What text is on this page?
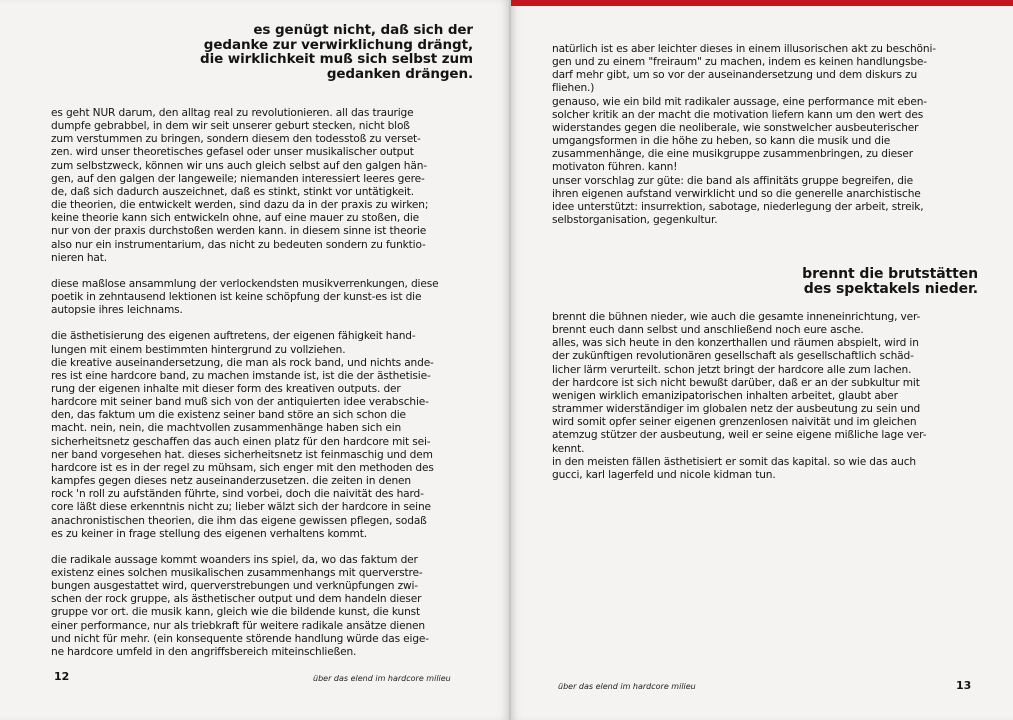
es genügt nicht, daß sich der
gedanke zur verwirklichung drängt,
die wirklichkeit muß sich selbst zum
gedanken drängen.
es geht NUR darum, den alltag real zu revolutionieren. all das traurige
dumpfe gebrabbel, in dem wir seit unserer geburt stecken, nicht bloß
zum verstummen zu bringen, sondern diesem den todesstoß zu verset-
zen. wird unser theoretisches gefasel oder unser musikalischer output
zum selbstzweck, können wir uns auch gleich selbst auf den galgen hän-
gen, auf den galgen der langeweile; niemanden interessiert leeres gere-
de, daß sich dadurch auszeichnet, daß es stinkt, stinkt vor untätigkeit.
die theorien, die entwickelt werden, sind dazu da in der praxis zu wirken;
keine theorie kann sich entwickeln ohne, auf eine mauer zu stoßen, die
nur von der praxis durchstoßen werden kann. in diesem sinne ist theorie
also nur ein instrumentarium, das nicht zu bedeuten sondern zu funktio-
nieren hat.
diese maßlose ansammlung der verlockendsten musikverrenkungen, diese
poetik in zehntausend lektionen ist keine schöpfung der kunst-es ist die
autopsie ihres leichnams.
die ästhetisierung des eigenen auftretens, der eigenen fähigkeit hand-
lungen mit einem bestimmten hintergrund zu vollziehen.
die kreative auseinandersetzung, die man als rock band, und nichts ande-
res ist eine hardcore band, zu machen imstande ist, ist die der ästhetisie-
rung der eigenen inhalte mit dieser form des kreativen outputs. der
hardcore mit seiner band muß sich von der antiquierten idee verabschie-
den, das faktum um die existenz seiner band störe an sich schon die
macht. nein, nein, die machtvollen zusammenhänge haben sich ein
sicherheitsnetz geschaffen das auch einen platz für den hardcore mit sei-
ner band vorgesehen hat. dieses sicherheitsnetz ist feinmaschig und dem
hardcore ist es in der regel zu mühsam, sich enger mit den methoden des
kampfes gegen dieses netz auseinanderzusetzen. die zeiten in denen
rock 'n roll zu aufständen führte, sind vorbei, doch die naivität des hard-
core läßt diese erkenntnis nicht zu; lieber wälzt sich der hardcore in seine
anachronistischen theorien, die ihm das eigene gewissen pflegen, sodaß
es zu keiner in frage stellung des eigenen verhaltens kommt.
die radikale aussage kommt woanders ins spiel, da, wo das faktum der
existenz eines solchen musikalischen zusammenhangs mit querverstre-
bungen ausgestattet wird, querverstrebungen und verknüpfungen zwi-
schen der rock gruppe, als ästhetischer output und dem handeln dieser
gruppe vor ort. die musik kann, gleich wie die bildende kunst, die kunst
einer performance, nur als triebkraft für weitere radikale ansätze dienen
und nicht für mehr. (ein konsequente störende handlung würde das eige-
ne hardcore umfeld in den angriffsbereich miteinschließen.
12	über das elend im hardcore milieu
natürlich ist es aber leichter dieses in einem illusorischen akt zu beschöni-
gen und zu einem "freiraum" zu machen, indem es keinen handlungsbe-
darf mehr gibt, um so vor der auseinandersetzung und dem diskurs zu
fliehen.)
genauso, wie ein bild mit radikaler aussage, eine performance mit eben-
solcher kritik an der macht die motivation liefern kann um den wert des
widerstandes gegen die neoliberale, wie sonstwelcher ausbeuterischer
umgangsformen in die höhe zu heben, so kann die musik und die
zusammenhänge, die eine musikgruppe zusammenbringen, zu dieser
motivaton führen. kann!
unser vorschlag zur güte: die band als affinitäts gruppe begreifen, die
ihren eigenen aufstand verwirklicht und so die generelle anarchistische
idee unterstützt: insurrektion, sabotage, niederlegung der arbeit, streik,
selbstorganisation, gegenkultur.
brennt die brutstätten
des spektakels nieder.
brennt die bühnen nieder, wie auch die gesamte inneneinrichtung, ver-
brennt euch dann selbst und anschließend noch eure asche.
alles, was sich heute in den konzerthallen und räumen abspielt, wird in
der zukünftigen revolutionären gesellschaft als gesellschaftlich schäd-
licher lärm verurteilt. schon jetzt bringt der hardcore alle zum lachen.
der hardcore ist sich nicht bewußt darüber, daß er an der subkultur mit
wenigen wirklich emanizipatorischen inhalten arbeitet, glaubt aber
strammer widerständiger im globalen netz der ausbeutung zu sein und
wird somit opfer seiner eigenen grenzenlosen naivität und im gleichen
atemzug stützer der ausbeutung, weil er seine eigene mißliche lage ver-
kennt.
in den meisten fällen ästhetisiert er somit das kapital. so wie das auch
gucci, karl lagerfeld und nicole kidman tun.
über das elend im hardcore milieu	13
